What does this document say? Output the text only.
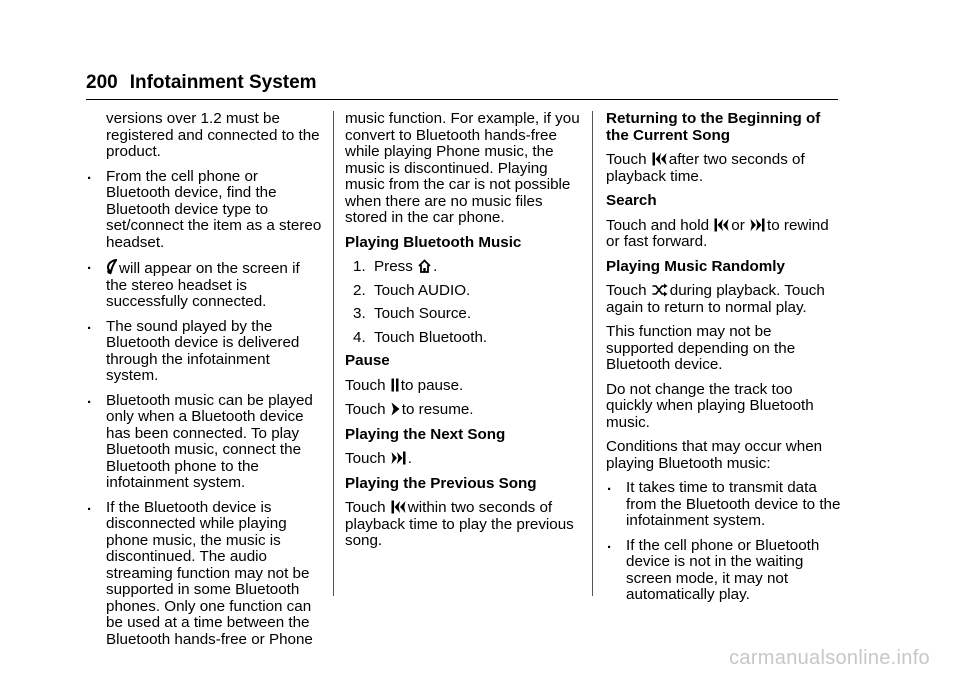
200 Infotainment System

versions over 1.2 must be registered and connected to the product.

. From the cell phone or Bluetooth device, find the Bluetooth device type to set/connect the item as a stereo headset.

. will appear on the screen if the stereo headset is successfully connected.

. The sound played by the Bluetooth device is delivered through the infotainment system.

. Bluetooth music can be played only when a Bluetooth device has been connected. To play Bluetooth music, connect the Bluetooth phone to the infotainment system.

. If the Bluetooth device is disconnected while playing phone music, the music is discontinued. The audio streaming function may not be supported in some Bluetooth phones. Only one function can be used at a time between the Bluetooth hands-free or Phone

music function. For example, if you convert to Bluetooth hands-free while playing Phone music, the music is discontinued. Playing music from the car is not possible when there are no music files stored in the car phone.

Playing Bluetooth Music

1. Press .
2. Touch AUDIO.
3. Touch Source.
4. Touch Bluetooth.

Pause

Touch to pause.

Touch to resume.

Playing the Next Song

Touch .

Playing the Previous Song

Touch within two seconds of playback time to play the previous song.

Returning to the Beginning of the Current Song

Touch after two seconds of playback time.

Search

Touch and hold or to rewind or fast forward.

Playing Music Randomly

Touch during playback. Touch again to return to normal play.

This function may not be supported depending on the Bluetooth device.

Do not change the track too quickly when playing Bluetooth music.

Conditions that may occur when playing Bluetooth music:

. It takes time to transmit data from the Bluetooth device to the infotainment system.

. If the cell phone or Bluetooth device is not in the waiting screen mode, it may not automatically play.

carmanualsonline.info
